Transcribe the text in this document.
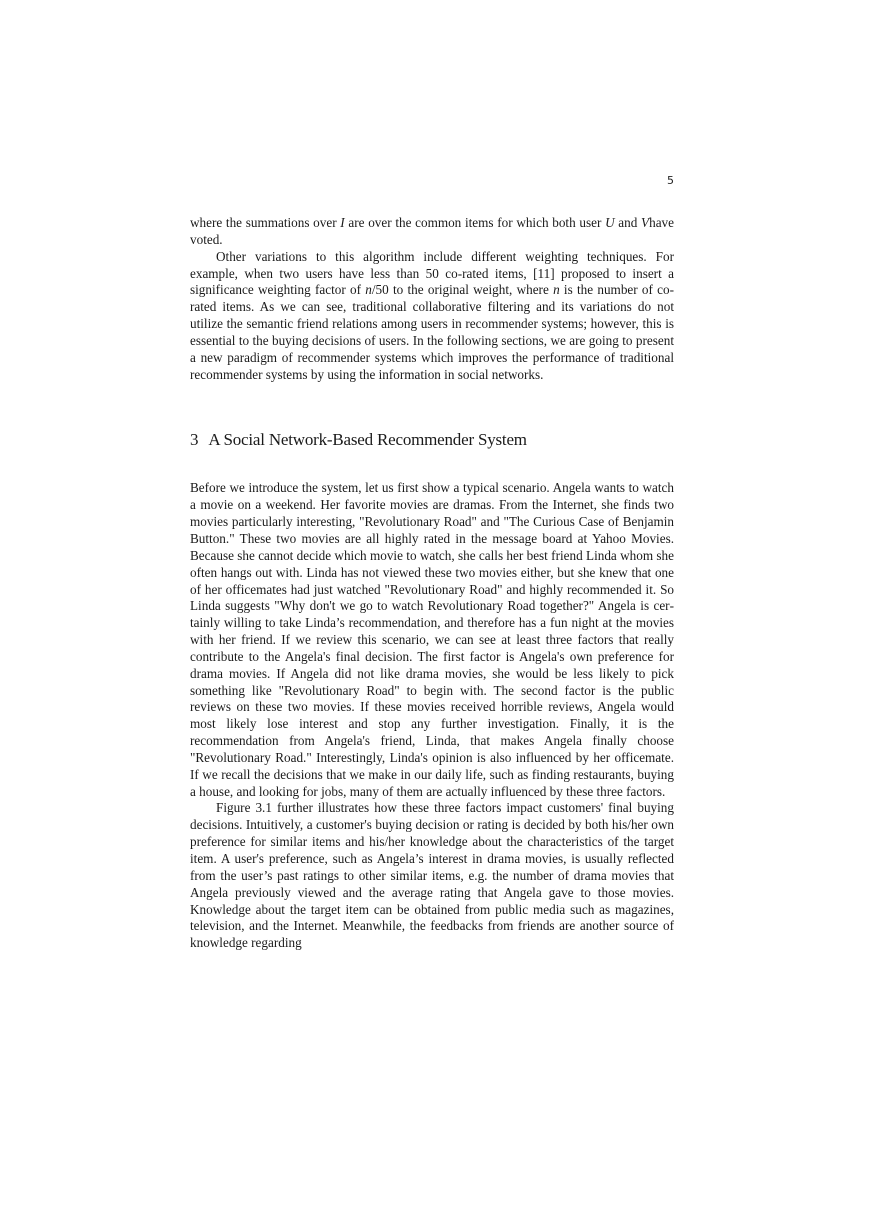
5

where the summations over I are over the common items for which both user U and Vhave voted.

Other variations to this algorithm include different weighting techniques. For example, when two users have less than 50 co-rated items, [11] proposed to insert a significance weighting factor of n/50 to the original weight, where n is the number of co-rated items. As we can see, traditional collaborative filtering and its variations do not utilize the semantic friend relations among users in recommender systems; however, this is essential to the buying decisions of users. In the following sections, we are going to present a new paradigm of recommender systems which improves the performance of traditional recommender systems by using the information in social networks.

3 A Social Network-Based Recommender System

Before we introduce the system, let us first show a typical scenario. Angela wants to watch a movie on a weekend. Her favorite movies are dramas. From the Internet, she finds two movies particularly interesting, "Revolutionary Road" and "The Curious Case of Benjamin Button." These two movies are all highly rated in the message board at Yahoo Movies. Because she cannot decide which movie to watch, she calls her best friend Linda whom she often hangs out with. Linda has not viewed these two movies either, but she knew that one of her officemates had just watched "Revolutionary Road" and highly recommended it. So Linda suggests "Why don't we go to watch Revolutionary Road together?" Angela is certainly willing to take Linda’s recommendation, and therefore has a fun night at the movies with her friend. If we review this scenario, we can see at least three factors that really contribute to the Angela's final decision. The first factor is Angela's own preference for drama movies. If Angela did not like drama movies, she would be less likely to pick something like "Revolutionary Road" to begin with. The second factor is the public reviews on these two movies. If these movies received horrible reviews, Angela would most likely lose interest and stop any further investigation. Finally, it is the recommendation from Angela's friend, Linda, that makes Angela finally choose "Revolutionary Road." Interestingly, Linda's opinion is also influenced by her officemate. If we recall the decisions that we make in our daily life, such as finding restaurants, buying a house, and looking for jobs, many of them are actually influenced by these three factors.

Figure 3.1 further illustrates how these three factors impact customers' final buying decisions. Intuitively, a customer's buying decision or rating is decided by both his/her own preference for similar items and his/her knowledge about the characteristics of the target item. A user's preference, such as Angela’s interest in drama movies, is usually reflected from the user’s past ratings to other similar items, e.g. the number of drama movies that Angela previously viewed and the average rating that Angela gave to those movies. Knowledge about the target item can be obtained from public media such as magazines, television, and the Internet. Meanwhile, the feedbacks from friends are another source of knowledge regarding
